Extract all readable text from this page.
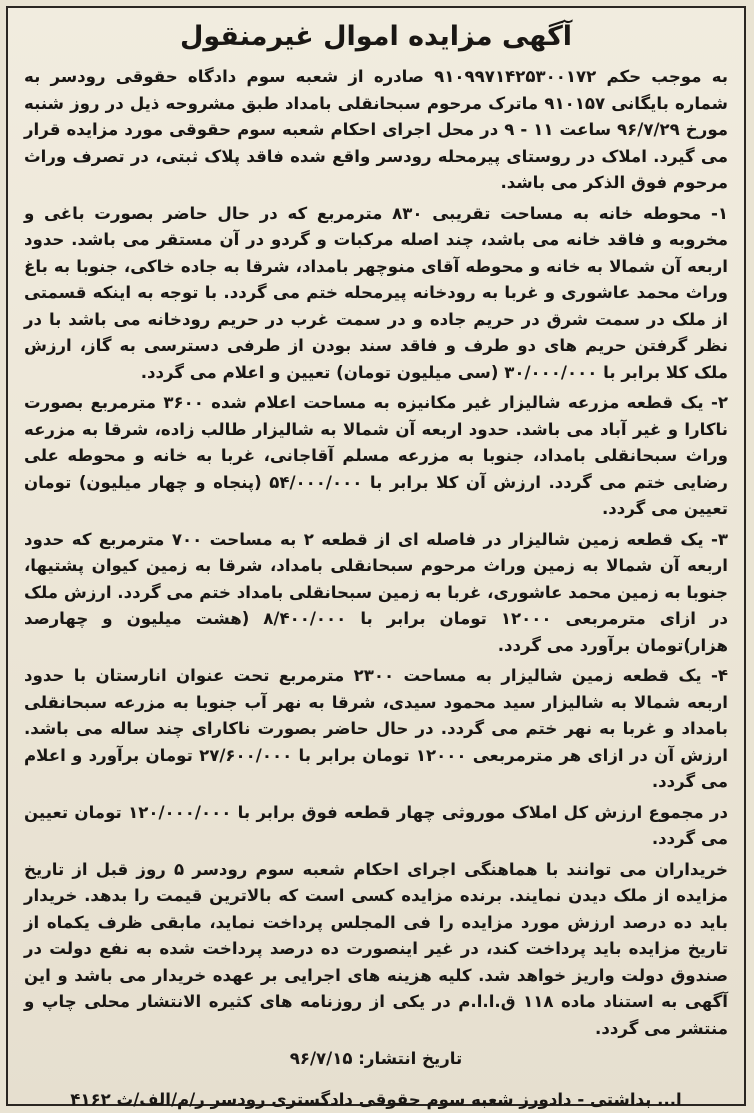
آگهی مزایده اموال غیرمنقول

به موجب حکم ۹۱۰۹۹۷۱۴۲۵۳۰۰۱۷۲ صادره از شعبه سوم دادگاه حقوقی رودسر به شماره بایگانی ۹۱۰۱۵۷ ماترک مرحوم سبحانقلی بامداد طبق مشروحه ذیل در روز شنبه مورخ ۹۶/۷/۲۹ ساعت ۱۱ - ۹ در محل اجرای احکام شعبه سوم حقوقی مورد مزایده قرار می گیرد. املاک در روستای پیرمحله رودسر واقع شده فاقد پلاک ثبتی، در تصرف وراث مرحوم فوق الذکر می باشد.

۱- محوطه خانه به مساحت تقریبی ۸۳۰ مترمربع که در حال حاضر بصورت باغی و مخروبه و فاقد خانه می باشد، چند اصله مرکبات و گردو در آن مستقر می باشد. حدود اربعه آن شمالا به خانه و محوطه آقای منوچهر بامداد، شرقا به جاده خاکی، جنوبا به باغ وراث محمد عاشوری و غربا به رودخانه پیرمحله ختم می گردد. با توجه به اینکه قسمتی از ملک در سمت شرق در حریم جاده و در سمت غرب در حریم رودخانه می باشد با در نظر گرفتن حریم های دو طرف و فاقد سند بودن از طرفی دسترسی به گاز، ارزش ملک کلا برابر با ۳۰/۰۰۰/۰۰۰ (سی میلیون تومان) تعیین و اعلام می گردد.

۲- یک قطعه مزرعه شالیزار غیر مکانیزه به مساحت اعلام شده ۳۶۰۰ مترمربع بصورت ناکارا و غیر آباد می باشد. حدود اربعه آن شمالا به شالیزار طالب زاده، شرقا به مزرعه وراث سبحانقلی بامداد، جنوبا به مزرعه مسلم آقاجانی، غربا به خانه و محوطه علی رضایی ختم می گردد. ارزش آن کلا برابر با ۵۴/۰۰۰/۰۰۰ (پنجاه و چهار میلیون) تومان تعیین می گردد.

۳- یک قطعه زمین شالیزار در فاصله ای از قطعه ۲ به مساحت ۷۰۰ مترمربع که حدود اربعه آن شمالا به زمین وراث مرحوم سبحانقلی بامداد، شرقا به زمین کیوان پشتیها، جنوبا به زمین محمد عاشوری، غربا به زمین سبحانقلی بامداد ختم می گردد. ارزش ملک در ازای مترمربعی ۱۲۰۰۰ تومان برابر با ۸/۴۰۰/۰۰۰ (هشت میلیون و چهارصد هزار)تومان برآورد می گردد.

۴- یک قطعه زمین شالیزار به مساحت ۲۳۰۰ مترمربع تحت عنوان انارستان با حدود اربعه شمالا به شالیزار سید محمود سیدی، شرقا به نهر آب جنوبا به مزرعه سبحانقلی بامداد و غربا به نهر ختم می گردد. در حال حاضر بصورت ناکارای چند ساله می باشد. ارزش آن در ازای هر مترمربعی ۱۲۰۰۰ تومان برابر با ۲۷/۶۰۰/۰۰۰ تومان برآورد و اعلام می گردد.

در مجموع ارزش کل املاک موروثی چهار قطعه فوق برابر با ۱۲۰/۰۰۰/۰۰۰ تومان تعیین می گردد.

خریداران می توانند با هماهنگی اجرای احکام شعبه سوم رودسر ۵ روز قبل از تاریخ مزایده از ملک دیدن نمایند. برنده مزایده کسی است که بالاترین قیمت را بدهد. خریدار باید ده درصد ارزش مورد مزایده را فی المجلس پرداخت نماید، مابقی ظرف یکماه از تاریخ مزایده باید پرداخت کند، در غیر اینصورت ده درصد پرداخت شده به نفع دولت در صندوق دولت واریز خواهد شد. کلیه هزینه های اجرایی بر عهده خریدار می باشد و این آگهی به استناد ماده ۱۱۸ ق.ا.ا.م در یکی از روزنامه های کثیره الانتشار محلی چاپ و منتشر می گردد.

تاریخ انتشار: ۹۶/۷/۱۵

ا... بداشتی - دادورز شعبه سوم حقوقی دادگستری رودسر ر/م/الف/ث ۴۱۶۲
